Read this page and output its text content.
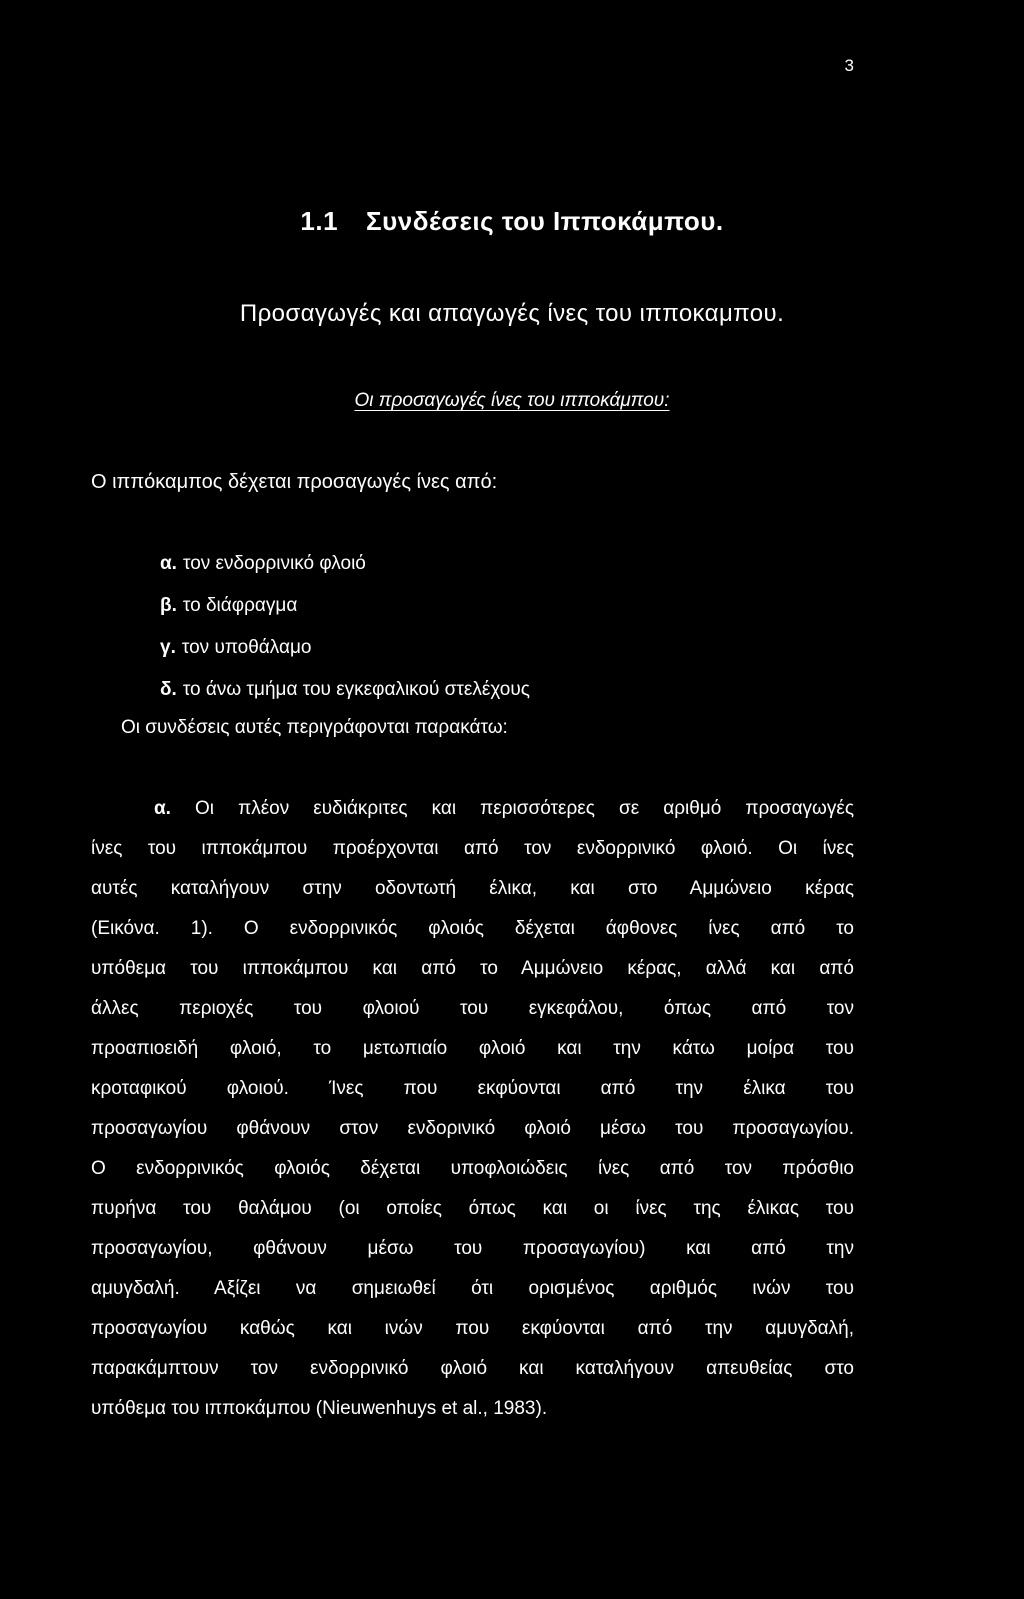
3
1.1 Συνδέσεις του Ιπποκάμπου.
Προσαγωγές και απαγωγές ίνες του ιπποκαμπου.
Οι προσαγωγές ίνες του ιπποκάμπου:
Ο ιππόκαμπος δέχεται προσαγωγές ίνες από:
α. τον ενδορρινικό φλοιό
β. το διάφραγμα
γ. τον υποθάλαμο
δ. το άνω τμήμα του εγκεφαλικού στελέχους
Οι συνδέσεις αυτές περιγράφονται παρακάτω:
α. Οι πλέον ευδιάκριτες και περισσότερες σε αριθμό προσαγωγές
ίνες του ιπποκάμπου προέρχονται από τον ενδορρινικό φλοιό. Οι ίνες
αυτές καταλήγουν στην οδοντωτή έλικα, και στο Αμμώνειο κέρας
(Εικόνα. 1). Ο ενδορρινικός φλοιός δέχεται άφθονες ίνες από το
υπόθεμα του ιπποκάμπου και από το Αμμώνειο κέρας, αλλά και από
άλλες περιοχές του φλοιού του εγκεφάλου, όπως από τον
προαπιοειδή φλοιό, το μετωπιαίο φλοιό και την κάτω μοίρα του
κροταφικού φλοιού. Ίνες που εκφύονται από την έλικα του
προσαγωγίου φθάνουν στον ενδορινικό φλοιό μέσω του προσαγωγίου.
Ο ενδορρινικός φλοιός δέχεται υποφλοιώδεις ίνες από τον πρόσθιο
πυρήνα του θαλάμου (οι οποίες όπως και οι ίνες της έλικας του
προσαγωγίου, φθάνουν μέσω του προσαγωγίου) και από την
αμυγδαλή. Αξίζει να σημειωθεί ότι ορισμένος αριθμός ινών του
προσαγωγίου καθώς και ινών που εκφύονται από την αμυγδαλή,
παρακάμπτουν τον ενδορρινικό φλοιό και καταλήγουν απευθείας στο
υπόθεμα του ιπποκάμπου (Nieuwenhuys et al., 1983).
